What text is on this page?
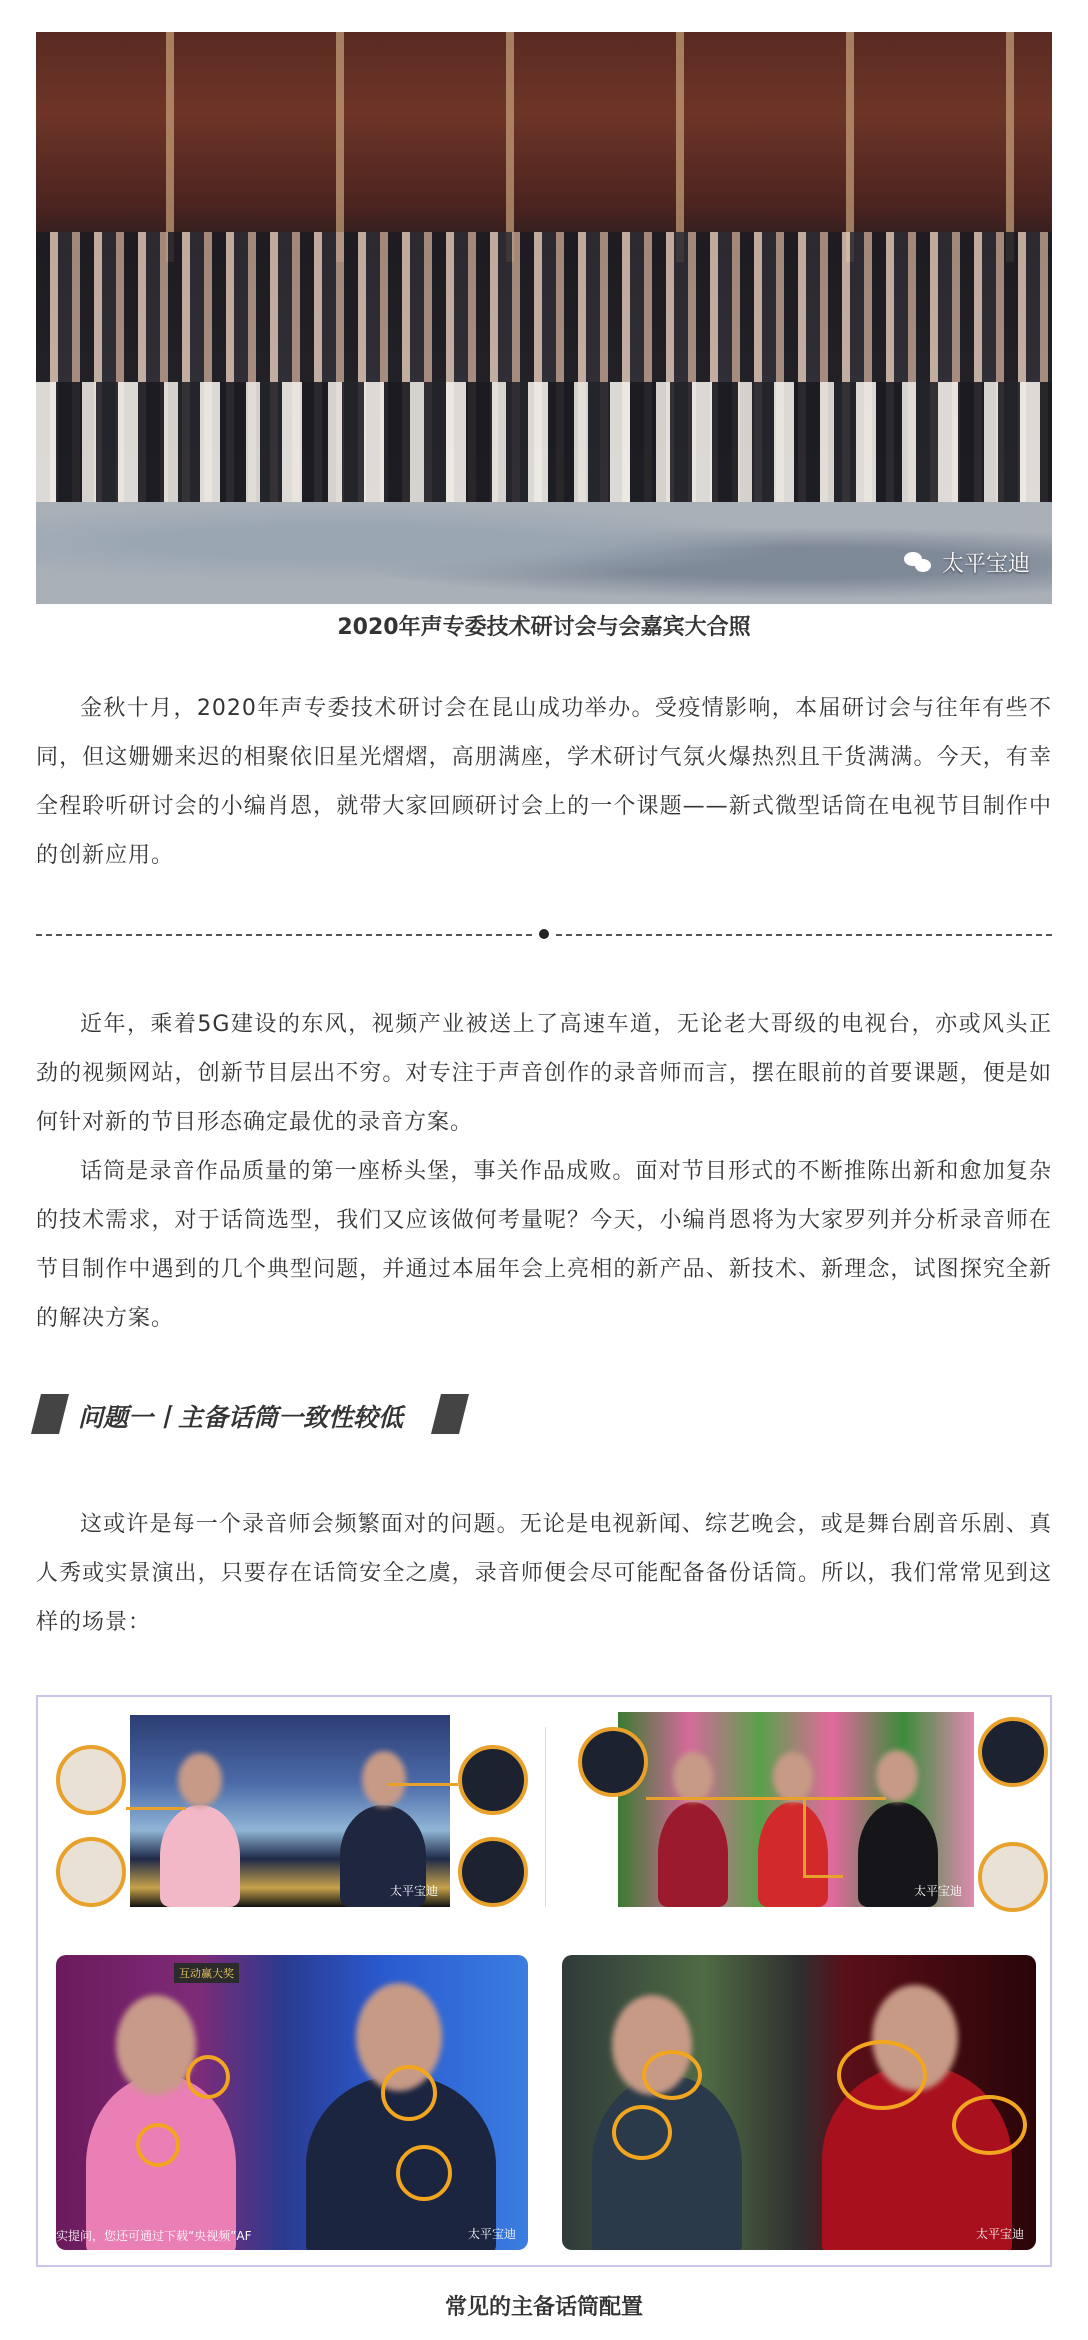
太平宝迪
2020年声专委技术研讨会与会嘉宾大合照

金秋十月，2020年声专委技术研讨会在昆山成功举办。受疫情影响，本届研讨会与往年有些不同，但这姗姗来迟的相聚依旧星光熠熠，高朋满座，学术研讨气氛火爆热烈且干货满满。今天，有幸全程聆听研讨会的小编肖恩，就带大家回顾研讨会上的一个课题——新式微型话筒在电视节目制作中的创新应用。

近年，乘着5G建设的东风，视频产业被送上了高速车道，无论老大哥级的电视台，亦或风头正劲的视频网站，创新节目层出不穷。对专注于声音创作的录音师而言，摆在眼前的首要课题，便是如何针对新的节目形态确定最优的录音方案。

话筒是录音作品质量的第一座桥头堡，事关作品成败。面对节目形式的不断推陈出新和愈加复杂的技术需求，对于话筒选型，我们又应该做何考量呢？今天，小编肖恩将为大家罗列并分析录音师在节目制作中遇到的几个典型问题，并通过本届年会上亮相的新产品、新技术、新理念，试图探究全新的解决方案。

问题一丨主备话筒一致性较低

这或许是每一个录音师会频繁面对的问题。无论是电视新闻、综艺晚会，或是舞台剧音乐剧、真人秀或实景演出，只要存在话筒安全之虞，录音师便会尽可能配备备份话筒。所以，我们常常见到这样的场景：

太平宝迪	太平宝迪
互动赢大奖
实提问，您还可通过下载“央视频”AF	太平宝迪	太平宝迪
常见的主备话筒配置
